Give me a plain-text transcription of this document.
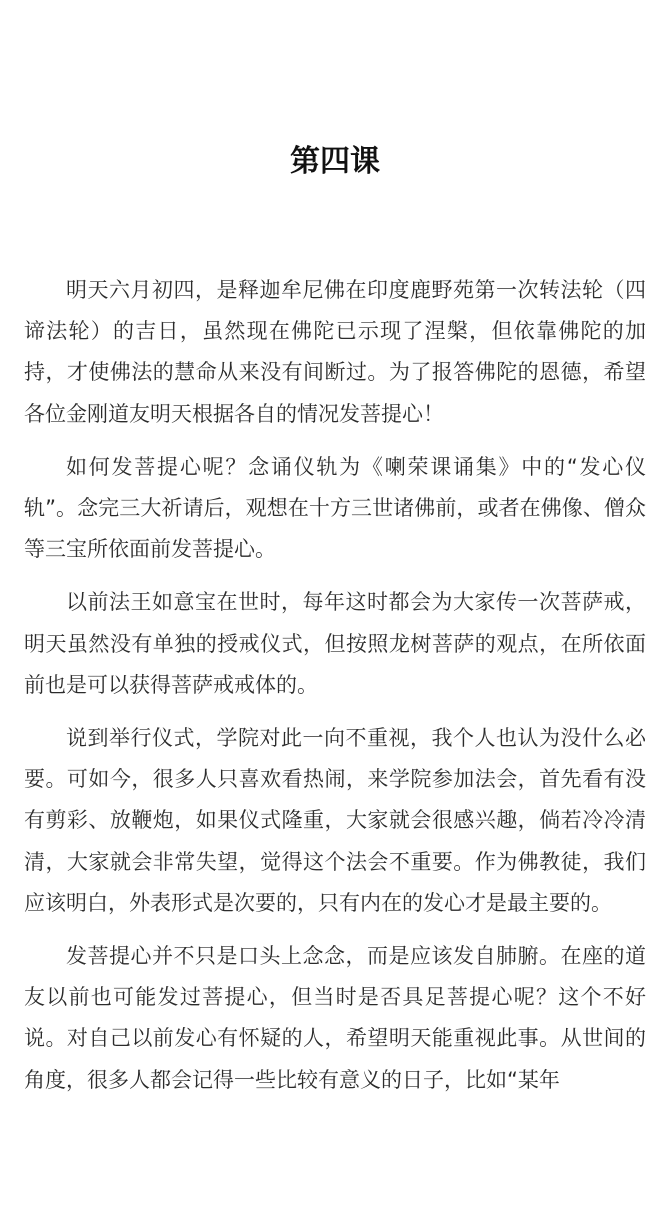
第四课

明天六月初四，是释迦牟尼佛在印度鹿野苑第一次转法轮（四谛法轮）的吉日，虽然现在佛陀已示现了涅槃，但依靠佛陀的加持，才使佛法的慧命从来没有间断过。为了报答佛陀的恩德，希望各位金刚道友明天根据各自的情况发菩提心！

如何发菩提心呢？念诵仪轨为《喇荣课诵集》中的“发心仪轨”。念完三大祈请后，观想在十方三世诸佛前，或者在佛像、僧众等三宝所依面前发菩提心。

以前法王如意宝在世时，每年这时都会为大家传一次菩萨戒，明天虽然没有单独的授戒仪式，但按照龙树菩萨的观点，在所依面前也是可以获得菩萨戒戒体的。

说到举行仪式，学院对此一向不重视，我个人也认为没什么必要。可如今，很多人只喜欢看热闹，来学院参加法会，首先看有没有剪彩、放鞭炮，如果仪式隆重，大家就会很感兴趣，倘若冷冷清清，大家就会非常失望，觉得这个法会不重要。作为佛教徒，我们应该明白，外表形式是次要的，只有内在的发心才是最主要的。

发菩提心并不只是口头上念念，而是应该发自肺腑。在座的道友以前也可能发过菩提心，但当时是否具足菩提心呢？这个不好说。对自己以前发心有怀疑的人，希望明天能重视此事。从世间的角度，很多人都会记得一些比较有意义的日子，比如“某年
